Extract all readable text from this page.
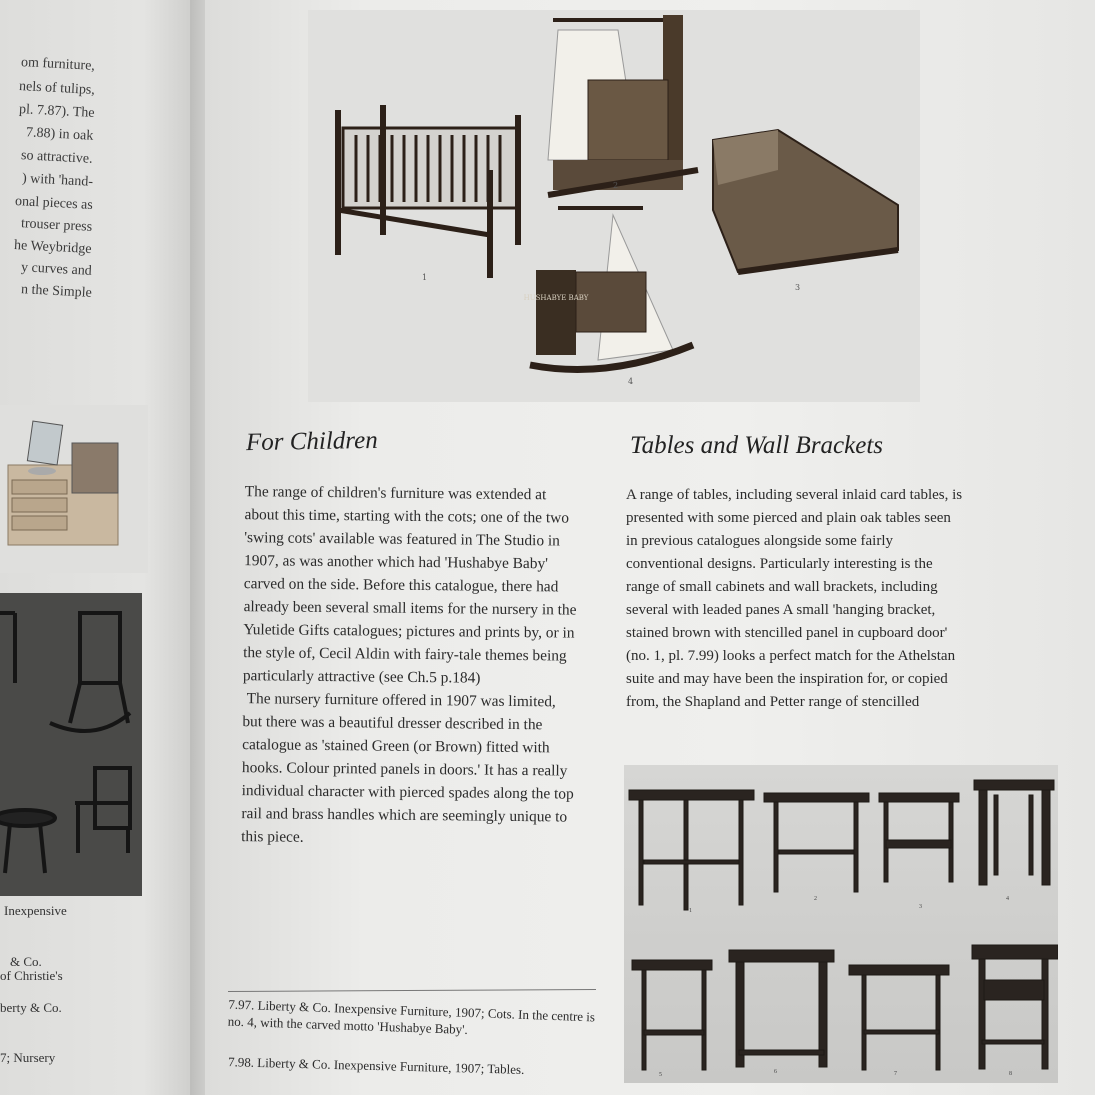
om furniture,
nels of tulips,
pl. 7.87). The
7.88) in oak
so attractive.
) with 'hand-
onal pieces as
trouser press
he Weybridge
y curves and
n the Simple
Inexpensive
& Co.
of Christie's
berty & Co.
7; Nursery
1
2
3
HUSHABYE BABY
4
For Children

The range of children's furniture was extended at

about this time, starting with the cots; one of the two

'swing cots' available was featured in The Studio in

1907, as was another which had 'Hushabye Baby'

carved on the side. Before this catalogue, there had

already been several small items for the nursery in the

Yuletide Gifts catalogues; pictures and prints by, or in

the style of, Cecil Aldin with fairy-tale themes being

particularly attractive (see Ch.5 p.184)

The nursery furniture offered in 1907 was limited,

but there was a beautiful dresser described in the

catalogue as 'stained Green (or Brown) fitted with

hooks. Colour printed panels in doors.' It has a really

individual character with pierced spades along the top

rail and brass handles which are seemingly unique to

this piece.

Tables and Wall Brackets

A range of tables, including several inlaid card tables, is

presented with some pierced and plain oak tables seen

in previous catalogues alongside some fairly

conventional designs. Particularly interesting is the

range of small cabinets and wall brackets, including

several with leaded panes A small 'hanging bracket,

stained brown with stencilled panel in cupboard door'

(no. 1, pl. 7.99) looks a perfect match for the Athelstan

suite and may have been the inspiration for, or copied

from, the Shapland and Petter range of stencilled

1
2
3
4
5	6	7	8
7.97. Liberty & Co. Inexpensive Furniture, 1907; Cots. In the centre is no. 4, with the carved motto 'Hushabye Baby'.
7.98. Liberty & Co. Inexpensive Furniture, 1907; Tables.
